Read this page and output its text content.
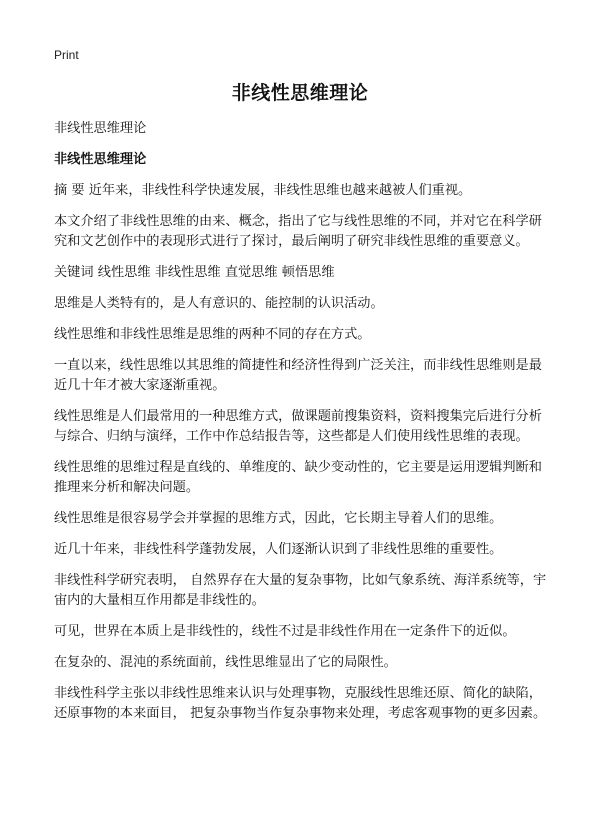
Print
非线性思维理论

非线性思维理论

非线性思维理论

摘 要 近年来，非线性科学快速发展，非线性思维也越来越被人们重视。

本文介绍了非线性思维的由来、概念，指出了它与线性思维的不同，并对它在科学研究和文艺创作中的表现形式进行了探讨，最后阐明了研究非线性思维的重要意义。

关键词 线性思维 非线性思维 直觉思维 顿悟思维

思维是人类特有的，是人有意识的、能控制的认识活动。

线性思维和非线性思维是思维的两种不同的存在方式。

一直以来，线性思维以其思维的简捷性和经济性得到广泛关注，而非线性思维则是最近几十年才被大家逐渐重视。

线性思维是人们最常用的一种思维方式，做课题前搜集资料，资料搜集完后进行分析与综合、归纳与演绎，工作中作总结报告等，这些都是人们使用线性思维的表现。

线性思维的思维过程是直线的、单维度的、缺少变动性的，它主要是运用逻辑判断和推理来分析和解决问题。

线性思维是很容易学会并掌握的思维方式，因此，它长期主导着人们的思维。

近几十年来，非线性科学蓬勃发展，人们逐渐认识到了非线性思维的重要性。

非线性科学研究表明， 自然界存在大量的复杂事物，比如气象系统、海洋系统等，宇宙内的大量相互作用都是非线性的。

可见，世界在本质上是非线性的，线性不过是非线性作用在一定条件下的近似。

在复杂的、混沌的系统面前，线性思维显出了它的局限性。

非线性科学主张以非线性思维来认识与处理事物，克服线性思维还原、简化的缺陷，还原事物的本来面目， 把复杂事物当作复杂事物来处理，考虑客观事物的更多因素。
